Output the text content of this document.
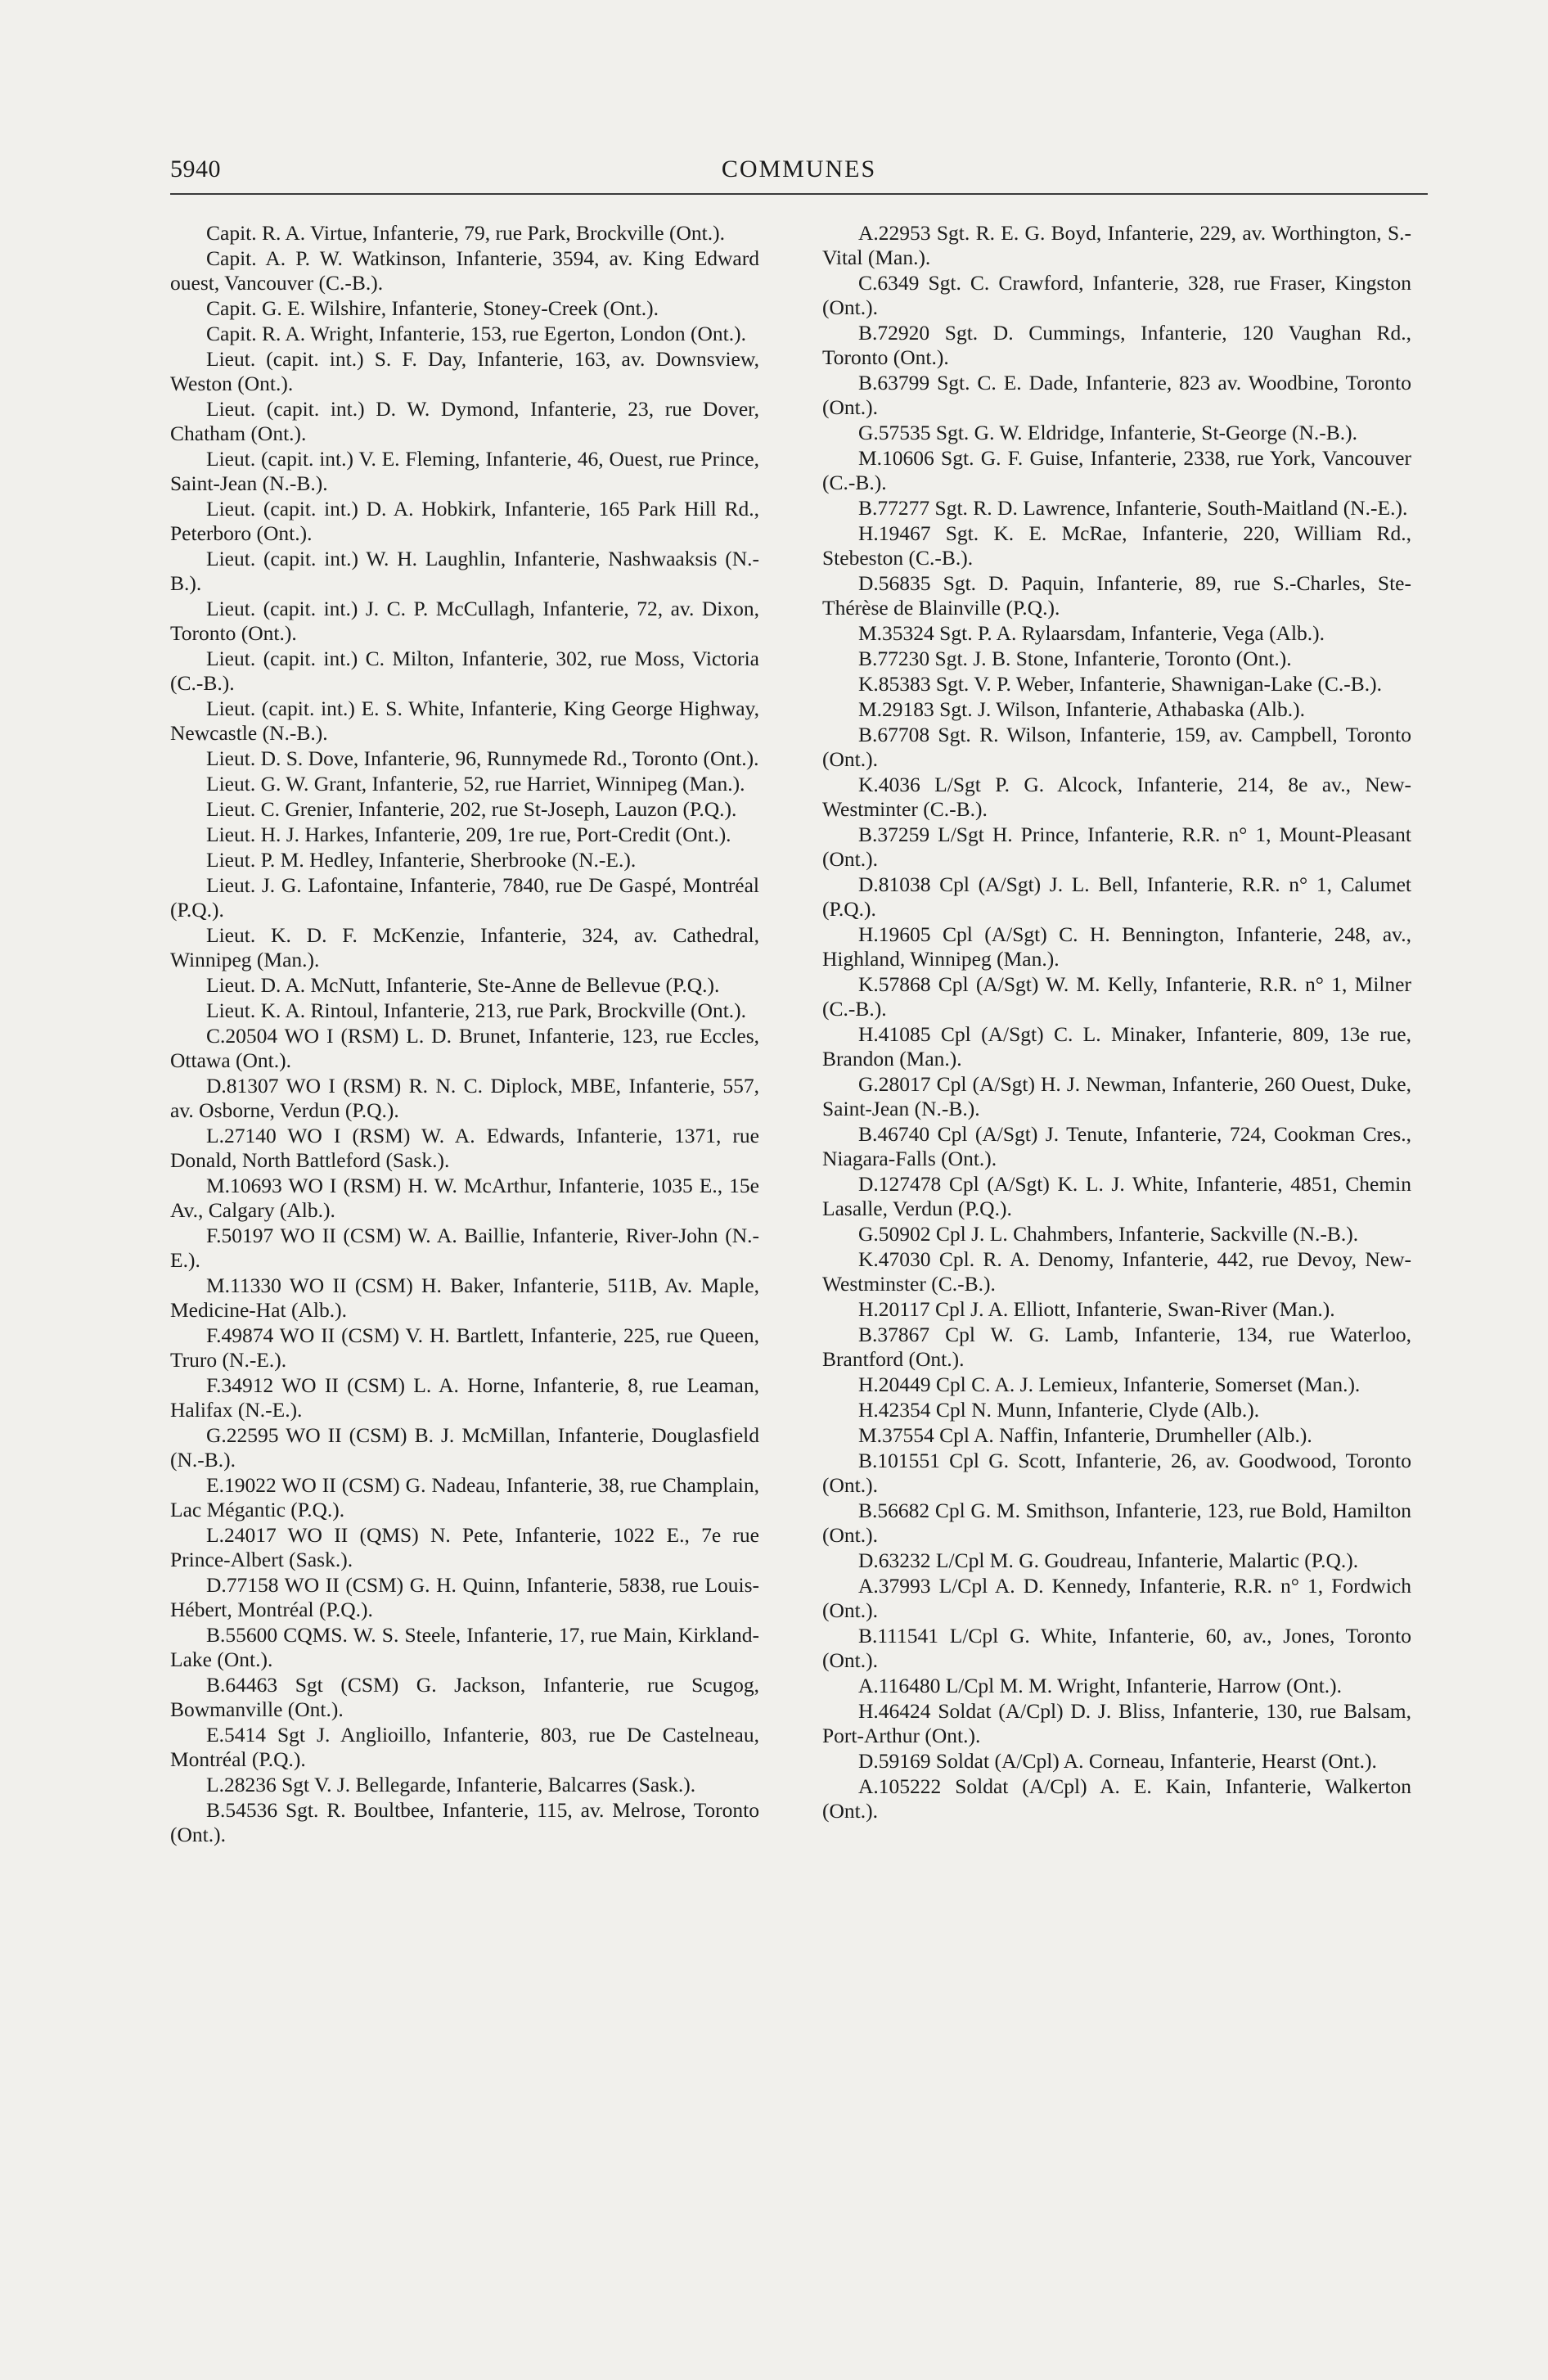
5940	COMMUNES

Capit. R. A. Virtue, Infanterie, 79, rue Park, Brockville (Ont.).

Capit. A. P. W. Watkinson, Infanterie, 3594, av. King Edward ouest, Vancouver (C.-B.).

Capit. G. E. Wilshire, Infanterie, Stoney-Creek (Ont.).

Capit. R. A. Wright, Infanterie, 153, rue Egerton, London (Ont.).

Lieut. (capit. int.) S. F. Day, Infanterie, 163, av. Downsview, Weston (Ont.).

Lieut. (capit. int.) D. W. Dymond, Infanterie, 23, rue Dover, Chatham (Ont.).

Lieut. (capit. int.) V. E. Fleming, Infanterie, 46, Ouest, rue Prince, Saint-Jean (N.-B.).

Lieut. (capit. int.) D. A. Hobkirk, Infanterie, 165 Park Hill Rd., Peterboro (Ont.).

Lieut. (capit. int.) W. H. Laughlin, Infanterie, Nashwaaksis (N.-B.).

Lieut. (capit. int.) J. C. P. McCullagh, Infanterie, 72, av. Dixon, Toronto (Ont.).

Lieut. (capit. int.) C. Milton, Infanterie, 302, rue Moss, Victoria (C.-B.).

Lieut. (capit. int.) E. S. White, Infanterie, King George Highway, Newcastle (N.-B.).

Lieut. D. S. Dove, Infanterie, 96, Runnymede Rd., Toronto (Ont.).

Lieut. G. W. Grant, Infanterie, 52, rue Harriet, Winnipeg (Man.).

Lieut. C. Grenier, Infanterie, 202, rue St-Joseph, Lauzon (P.Q.).

Lieut. H. J. Harkes, Infanterie, 209, 1re rue, Port-Credit (Ont.).

Lieut. P. M. Hedley, Infanterie, Sherbrooke (N.-E.).

Lieut. J. G. Lafontaine, Infanterie, 7840, rue De Gaspé, Montréal (P.Q.).

Lieut. K. D. F. McKenzie, Infanterie, 324, av. Cathedral, Winnipeg (Man.).

Lieut. D. A. McNutt, Infanterie, Ste-Anne de Bellevue (P.Q.).

Lieut. K. A. Rintoul, Infanterie, 213, rue Park, Brockville (Ont.).

C.20504 WO I (RSM) L. D. Brunet, Infanterie, 123, rue Eccles, Ottawa (Ont.).

D.81307 WO I (RSM) R. N. C. Diplock, MBE, Infanterie, 557, av. Osborne, Verdun (P.Q.).

L.27140 WO I (RSM) W. A. Edwards, Infanterie, 1371, rue Donald, North Battleford (Sask.).

M.10693 WO I (RSM) H. W. McArthur, Infanterie, 1035 E., 15e Av., Calgary (Alb.).

F.50197 WO II (CSM) W. A. Baillie, Infanterie, River-John (N.-E.).

M.11330 WO II (CSM) H. Baker, Infanterie, 511B, Av. Maple, Medicine-Hat (Alb.).

F.49874 WO II (CSM) V. H. Bartlett, Infanterie, 225, rue Queen, Truro (N.-E.).

F.34912 WO II (CSM) L. A. Horne, Infanterie, 8, rue Leaman, Halifax (N.-E.).

G.22595 WO II (CSM) B. J. McMillan, Infanterie, Douglasfield (N.-B.).

E.19022 WO II (CSM) G. Nadeau, Infanterie, 38, rue Champlain, Lac Mégantic (P.Q.).

L.24017 WO II (QMS) N. Pete, Infanterie, 1022 E., 7e rue Prince-Albert (Sask.).

D.77158 WO II (CSM) G. H. Quinn, Infanterie, 5838, rue Louis-Hébert, Montréal (P.Q.).

B.55600 CQMS. W. S. Steele, Infanterie, 17, rue Main, Kirkland-Lake (Ont.).

B.64463 Sgt (CSM) G. Jackson, Infanterie, rue Scugog, Bowmanville (Ont.).

E.5414 Sgt J. Anglioillo, Infanterie, 803, rue De Castelneau, Montréal (P.Q.).

L.28236 Sgt V. J. Bellegarde, Infanterie, Balcarres (Sask.).

B.54536 Sgt. R. Boultbee, Infanterie, 115, av. Melrose, Toronto (Ont.).

A.22953 Sgt. R. E. G. Boyd, Infanterie, 229, av. Worthington, S.-Vital (Man.).

C.6349 Sgt. C. Crawford, Infanterie, 328, rue Fraser, Kingston (Ont.).

B.72920 Sgt. D. Cummings, Infanterie, 120 Vaughan Rd., Toronto (Ont.).

B.63799 Sgt. C. E. Dade, Infanterie, 823 av. Woodbine, Toronto (Ont.).

G.57535 Sgt. G. W. Eldridge, Infanterie, St-George (N.-B.).

M.10606 Sgt. G. F. Guise, Infanterie, 2338, rue York, Vancouver (C.-B.).

B.77277 Sgt. R. D. Lawrence, Infanterie, South-Maitland (N.-E.).

H.19467 Sgt. K. E. McRae, Infanterie, 220, William Rd., Stebeston (C.-B.).

D.56835 Sgt. D. Paquin, Infanterie, 89, rue S.-Charles, Ste-Thérèse de Blainville (P.Q.).

M.35324 Sgt. P. A. Rylaarsdam, Infanterie, Vega (Alb.).

B.77230 Sgt. J. B. Stone, Infanterie, Toronto (Ont.).

K.85383 Sgt. V. P. Weber, Infanterie, Shawnigan-Lake (C.-B.).

M.29183 Sgt. J. Wilson, Infanterie, Athabaska (Alb.).

B.67708 Sgt. R. Wilson, Infanterie, 159, av. Campbell, Toronto (Ont.).

K.4036 L/Sgt P. G. Alcock, Infanterie, 214, 8e av., New-Westminter (C.-B.).

B.37259 L/Sgt H. Prince, Infanterie, R.R. n° 1, Mount-Pleasant (Ont.).

D.81038 Cpl (A/Sgt) J. L. Bell, Infanterie, R.R. n° 1, Calumet (P.Q.).

H.19605 Cpl (A/Sgt) C. H. Bennington, Infanterie, 248, av., Highland, Winnipeg (Man.).

K.57868 Cpl (A/Sgt) W. M. Kelly, Infanterie, R.R. n° 1, Milner (C.-B.).

H.41085 Cpl (A/Sgt) C. L. Minaker, Infanterie, 809, 13e rue, Brandon (Man.).

G.28017 Cpl (A/Sgt) H. J. Newman, Infanterie, 260 Ouest, Duke, Saint-Jean (N.-B.).

B.46740 Cpl (A/Sgt) J. Tenute, Infanterie, 724, Cookman Cres., Niagara-Falls (Ont.).

D.127478 Cpl (A/Sgt) K. L. J. White, Infanterie, 4851, Chemin Lasalle, Verdun (P.Q.).

G.50902 Cpl J. L. Chahmbers, Infanterie, Sackville (N.-B.).

K.47030 Cpl. R. A. Denomy, Infanterie, 442, rue Devoy, New-Westminster (C.-B.).

H.20117 Cpl J. A. Elliott, Infanterie, Swan-River (Man.).

B.37867 Cpl W. G. Lamb, Infanterie, 134, rue Waterloo, Brantford (Ont.).

H.20449 Cpl C. A. J. Lemieux, Infanterie, Somerset (Man.).

H.42354 Cpl N. Munn, Infanterie, Clyde (Alb.).

M.37554 Cpl A. Naffin, Infanterie, Drumheller (Alb.).

B.101551 Cpl G. Scott, Infanterie, 26, av. Goodwood, Toronto (Ont.).

B.56682 Cpl G. M. Smithson, Infanterie, 123, rue Bold, Hamilton (Ont.).

D.63232 L/Cpl M. G. Goudreau, Infanterie, Malartic (P.Q.).

A.37993 L/Cpl A. D. Kennedy, Infanterie, R.R. n° 1, Fordwich (Ont.).

B.111541 L/Cpl G. White, Infanterie, 60, av., Jones, Toronto (Ont.).

A.116480 L/Cpl M. M. Wright, Infanterie, Harrow (Ont.).

H.46424 Soldat (A/Cpl) D. J. Bliss, Infanterie, 130, rue Balsam, Port-Arthur (Ont.).

D.59169 Soldat (A/Cpl) A. Corneau, Infanterie, Hearst (Ont.).

A.105222 Soldat (A/Cpl) A. E. Kain, Infanterie, Walkerton (Ont.).
